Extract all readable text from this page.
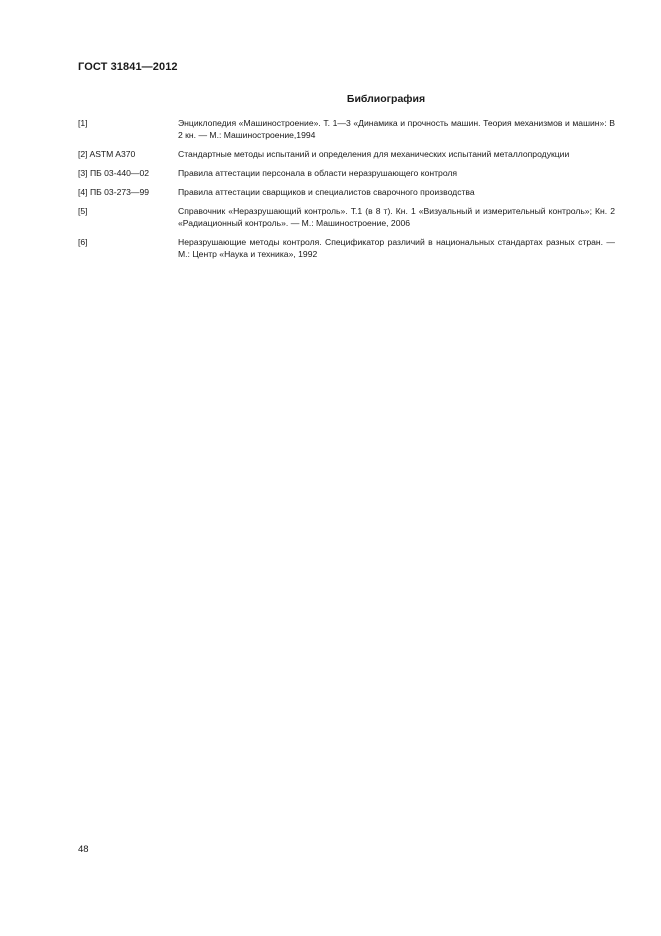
ГОСТ 31841—2012
Библиография
[1]	Энциклопедия «Машиностроение». Т. 1—3 «Динамика и прочность машин. Теория механизмов и машин»: В 2 кн. — М.: Машиностроение,1994
[2] ASTM A370	Стандартные методы испытаний и определения для механических испытаний металлопродукции
[3] ПБ 03-440—02	Правила аттестации персонала в области неразрушающего контроля
[4] ПБ 03-273—99	Правила аттестации сварщиков и специалистов сварочного производства
[5]	Справочник «Неразрушающий контроль». Т.1 (в 8 т). Кн. 1 «Визуальный и измерительный контроль»; Кн. 2 «Радиационный контроль». — М.: Машиностроение, 2006
[6]	Неразрушающие методы контроля. Спецификатор различий в национальных стандартах разных стран. — М.: Центр «Наука и техника», 1992
48
